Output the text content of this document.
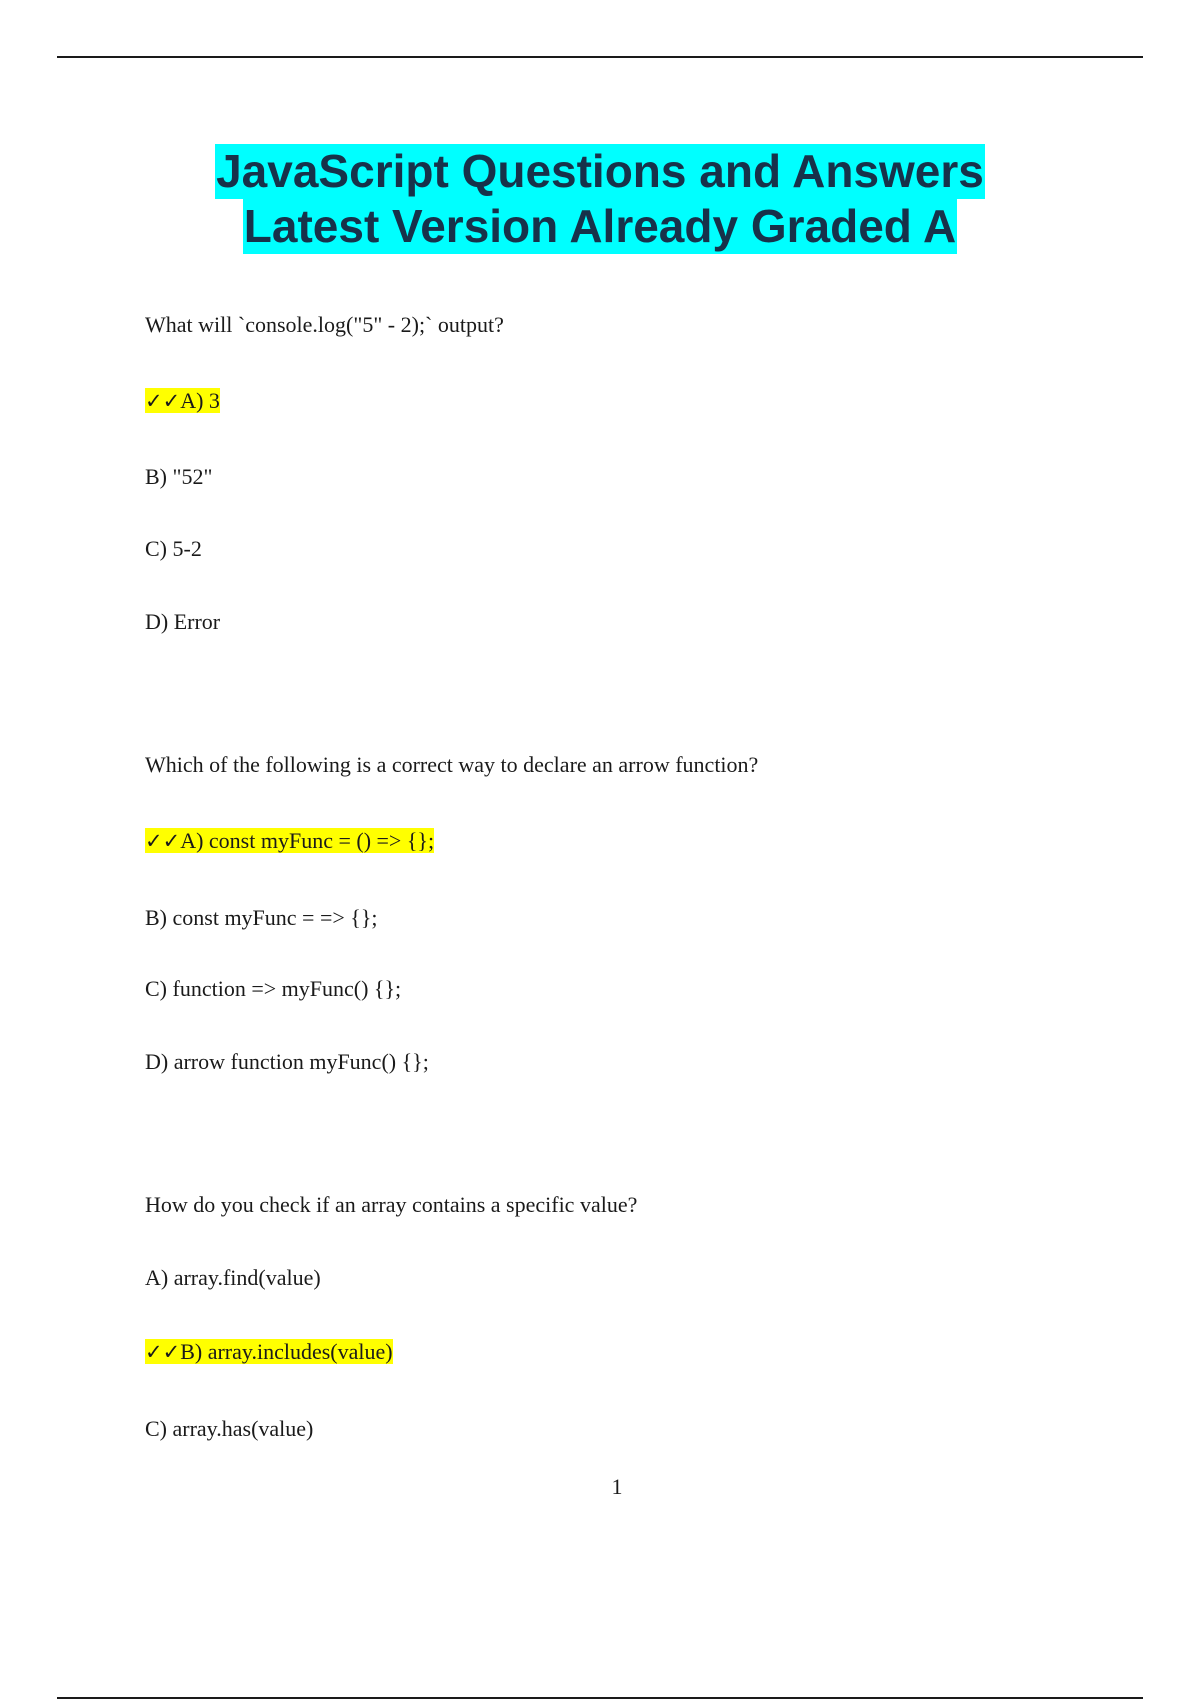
JavaScript Questions and Answers
Latest Version Already Graded A
What will `console.log("5" - 2);` output?
✓✓A) 3
B) "52"
C) 5-2
D) Error
Which of the following is a correct way to declare an arrow function?
✓✓A) const myFunc = () => {};
B) const myFunc = => {};
C) function => myFunc() {};
D) arrow function myFunc() {};
How do you check if an array contains a specific value?
A) array.find(value)
✓✓B) array.includes(value)
C) array.has(value)
1
